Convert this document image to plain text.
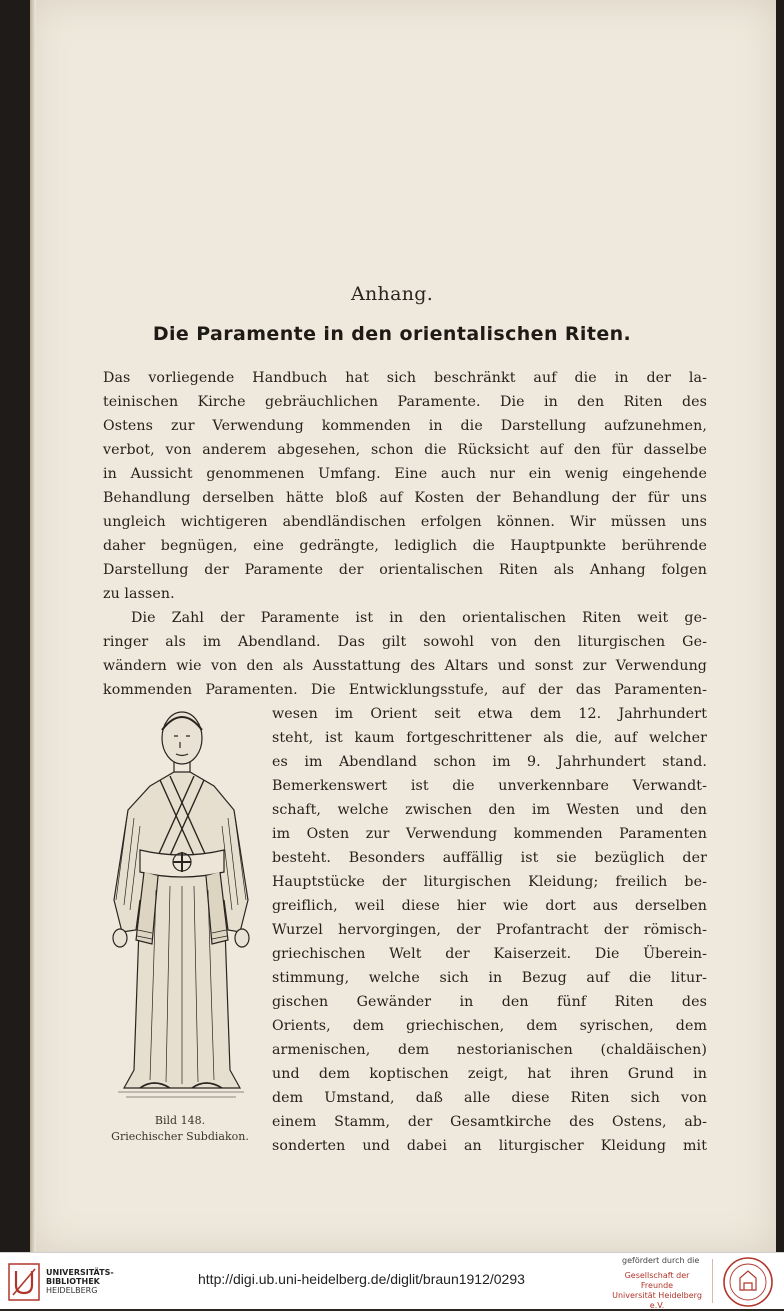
Anhang.
Die Paramente in den orientalischen Riten.
Das vorliegende Handbuch hat sich beschränkt auf die in der la-
teinischen Kirche gebräuchlichen Paramente. Die in den Riten des
Ostens zur Verwendung kommenden in die Darstellung aufzunehmen,
verbot, von anderem abgesehen, schon die Rücksicht auf den für dasselbe
in Aussicht genommenen Umfang. Eine auch nur ein wenig eingehende
Behandlung derselben hätte bloß auf Kosten der Behandlung der für uns
ungleich wichtigeren abendländischen erfolgen können. Wir müssen uns
daher begnügen, eine gedrängte, lediglich die Hauptpunkte berührende
Darstellung der Paramente der orientalischen Riten als Anhang folgen
zu lassen.
Die Zahl der Paramente ist in den orientalischen Riten weit ge-
ringer als im Abendland. Das gilt sowohl von den liturgischen Ge-
wändern wie von den als Ausstattung des Altars und sonst zur Verwendung
kommenden Paramenten. Die Entwicklungsstufe, auf der das Paramenten-
wesen im Orient seit etwa dem 12. Jahrhundert
steht, ist kaum fortgeschrittener als die, auf welcher
es im Abendland schon im 9. Jahrhundert stand.
Bemerkenswert ist die unverkennbare Verwandt-
schaft, welche zwischen den im Westen und den
im Osten zur Verwendung kommenden Paramenten
besteht. Besonders auffällig ist sie bezüglich der
Hauptstücke der liturgischen Kleidung; freilich be-
greiflich, weil diese hier wie dort aus derselben
Wurzel hervorgingen, der Profantracht der römisch-
griechischen Welt der Kaiserzeit. Die Überein-
stimmung, welche sich in Bezug auf die litur-
gischen Gewänder in den fünf Riten des
Orients, dem griechischen, dem syrischen, dem
armenischen, dem nestorianischen (chaldäischen)
und dem koptischen zeigt, hat ihren Grund in
dem Umstand, daß alle diese Riten sich von
einem Stamm, der Gesamtkirche des Ostens, ab-
sonderten und dabei an liturgischer Kleidung mit
Bild 148.
Griechischer Subdiakon.
UNIVERSITÄTS-
BIBLIOTHEK
HEIDELBERG
http://digi.ub.uni-heidelberg.de/diglit/braun1912/0293
gefördert durch die
Gesellschaft der Freunde
Universität Heidelberg e.V.
